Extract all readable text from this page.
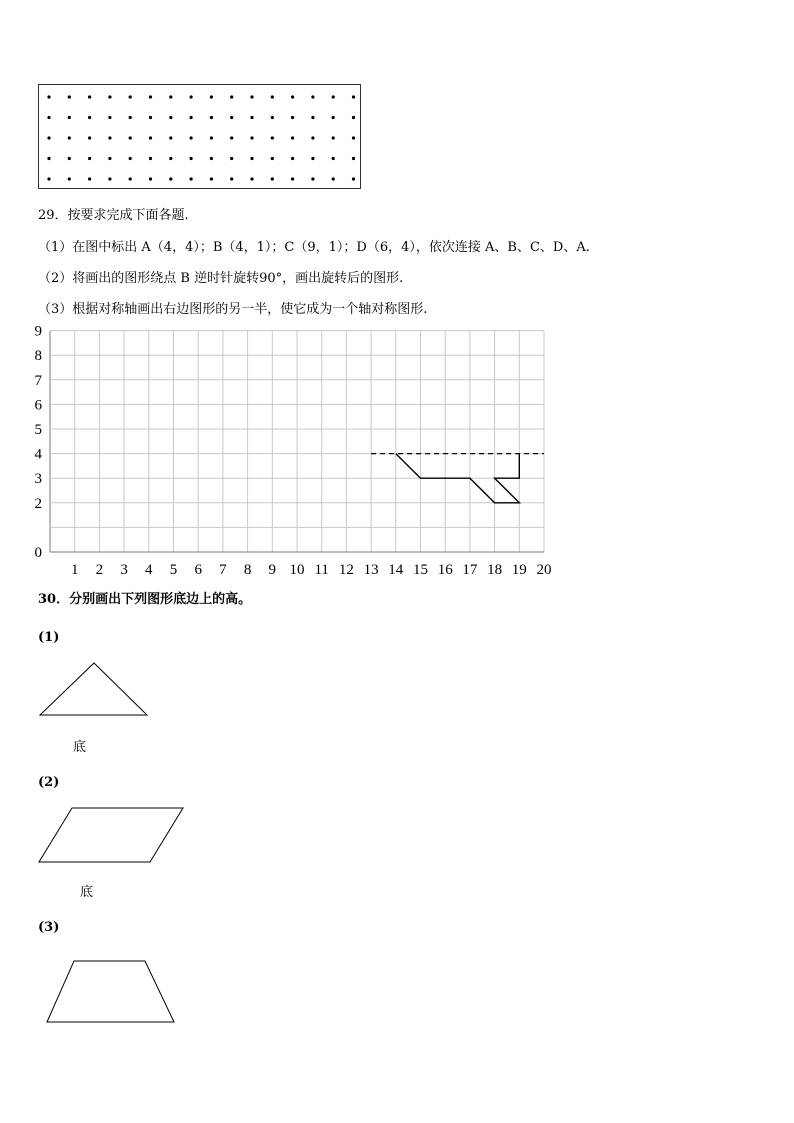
29．按要求完成下面各题.
（1）在图中标出 A（4，4）；B（4，1）；C（9，1）；D（6，4），依次连接 A、B、C、D、A.
（2）将画出的图形绕点 B 逆时针旋转90°，画出旋转后的图形.
（3）根据对称轴画出右边图形的另一半，使它成为一个轴对称图形.
1 2 3 4 5 6 7 8 9 10 11 12 13 14 15 16 17 18 19 20
0
2
3
4
5
6
7
8
9
30．分别画出下列图形底边上的高。
(1)
底
(2)
底
(3)
